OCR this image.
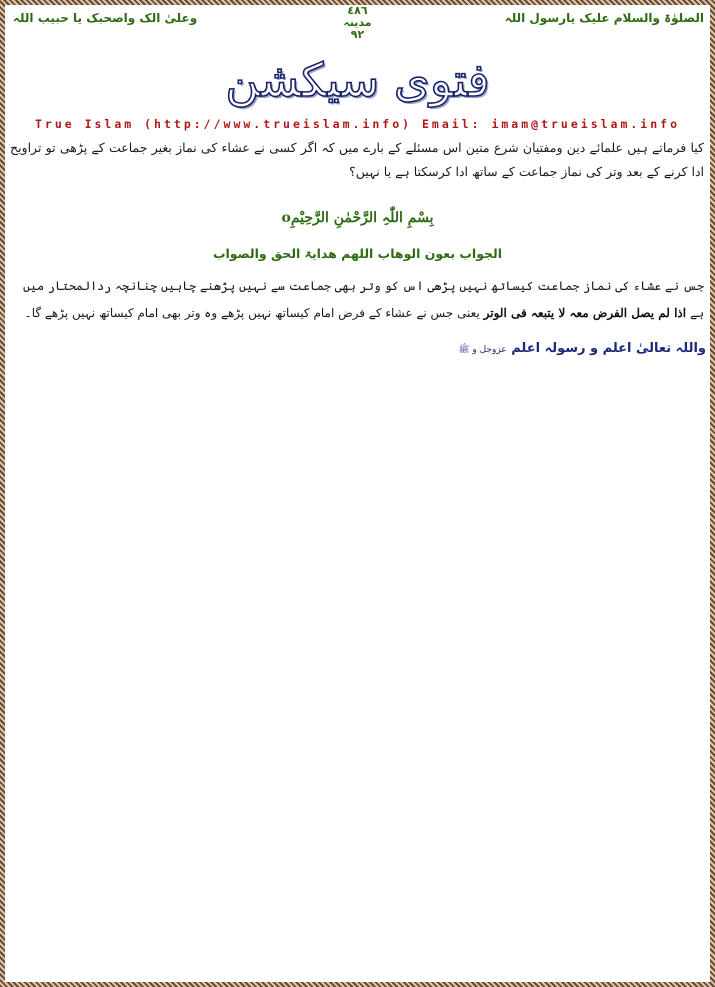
الصلوٰۃ والسلام علیک یارسول اللہ
٤٨٦
مدینہ
٩٢
وعلیٰ الک واصحبک یا حبیب اللہ
فتوی سیکشن
True Islam (http://www.trueislam.info) Email: imam@trueislam.info
کیا فرماتے ہیں علمائے دین ومفتیان شرع متین اس مسئلے کے بارے میں کہ اگر کسی نے عشاء کی نماز بغیر جماعت کے پڑھی تو تراویح ادا کرنے کے بعد وتر کی نماز جماعت کے ساتھ ادا کرسکتا ہے یا نہیں؟
بِسْمِ اللّٰہِ الرَّحْمٰنِ الرَّحِیْمِo
الجواب بعون الوھاب اللھم ھدایۃ الحق والصواب
جس نے عشاء کی نماز جماعت کیساتھ نہیں پڑھی اس کو وتر بھی جماعت سے نہیں پڑھنے چاہیں چنانچہ ردالمحتار میں ہے اذا لم یصل الفرض معہ لا یتبعہ فی الوتر یعنی جس نے عشاء کے فرض امام کیساتھ نہیں پڑھے وہ وتر بھی امام کیساتھ نہیں پڑھے گا۔
واللہ تعالیٰ اعلم و رسولہ اعلم عزوجل و ﷺ
